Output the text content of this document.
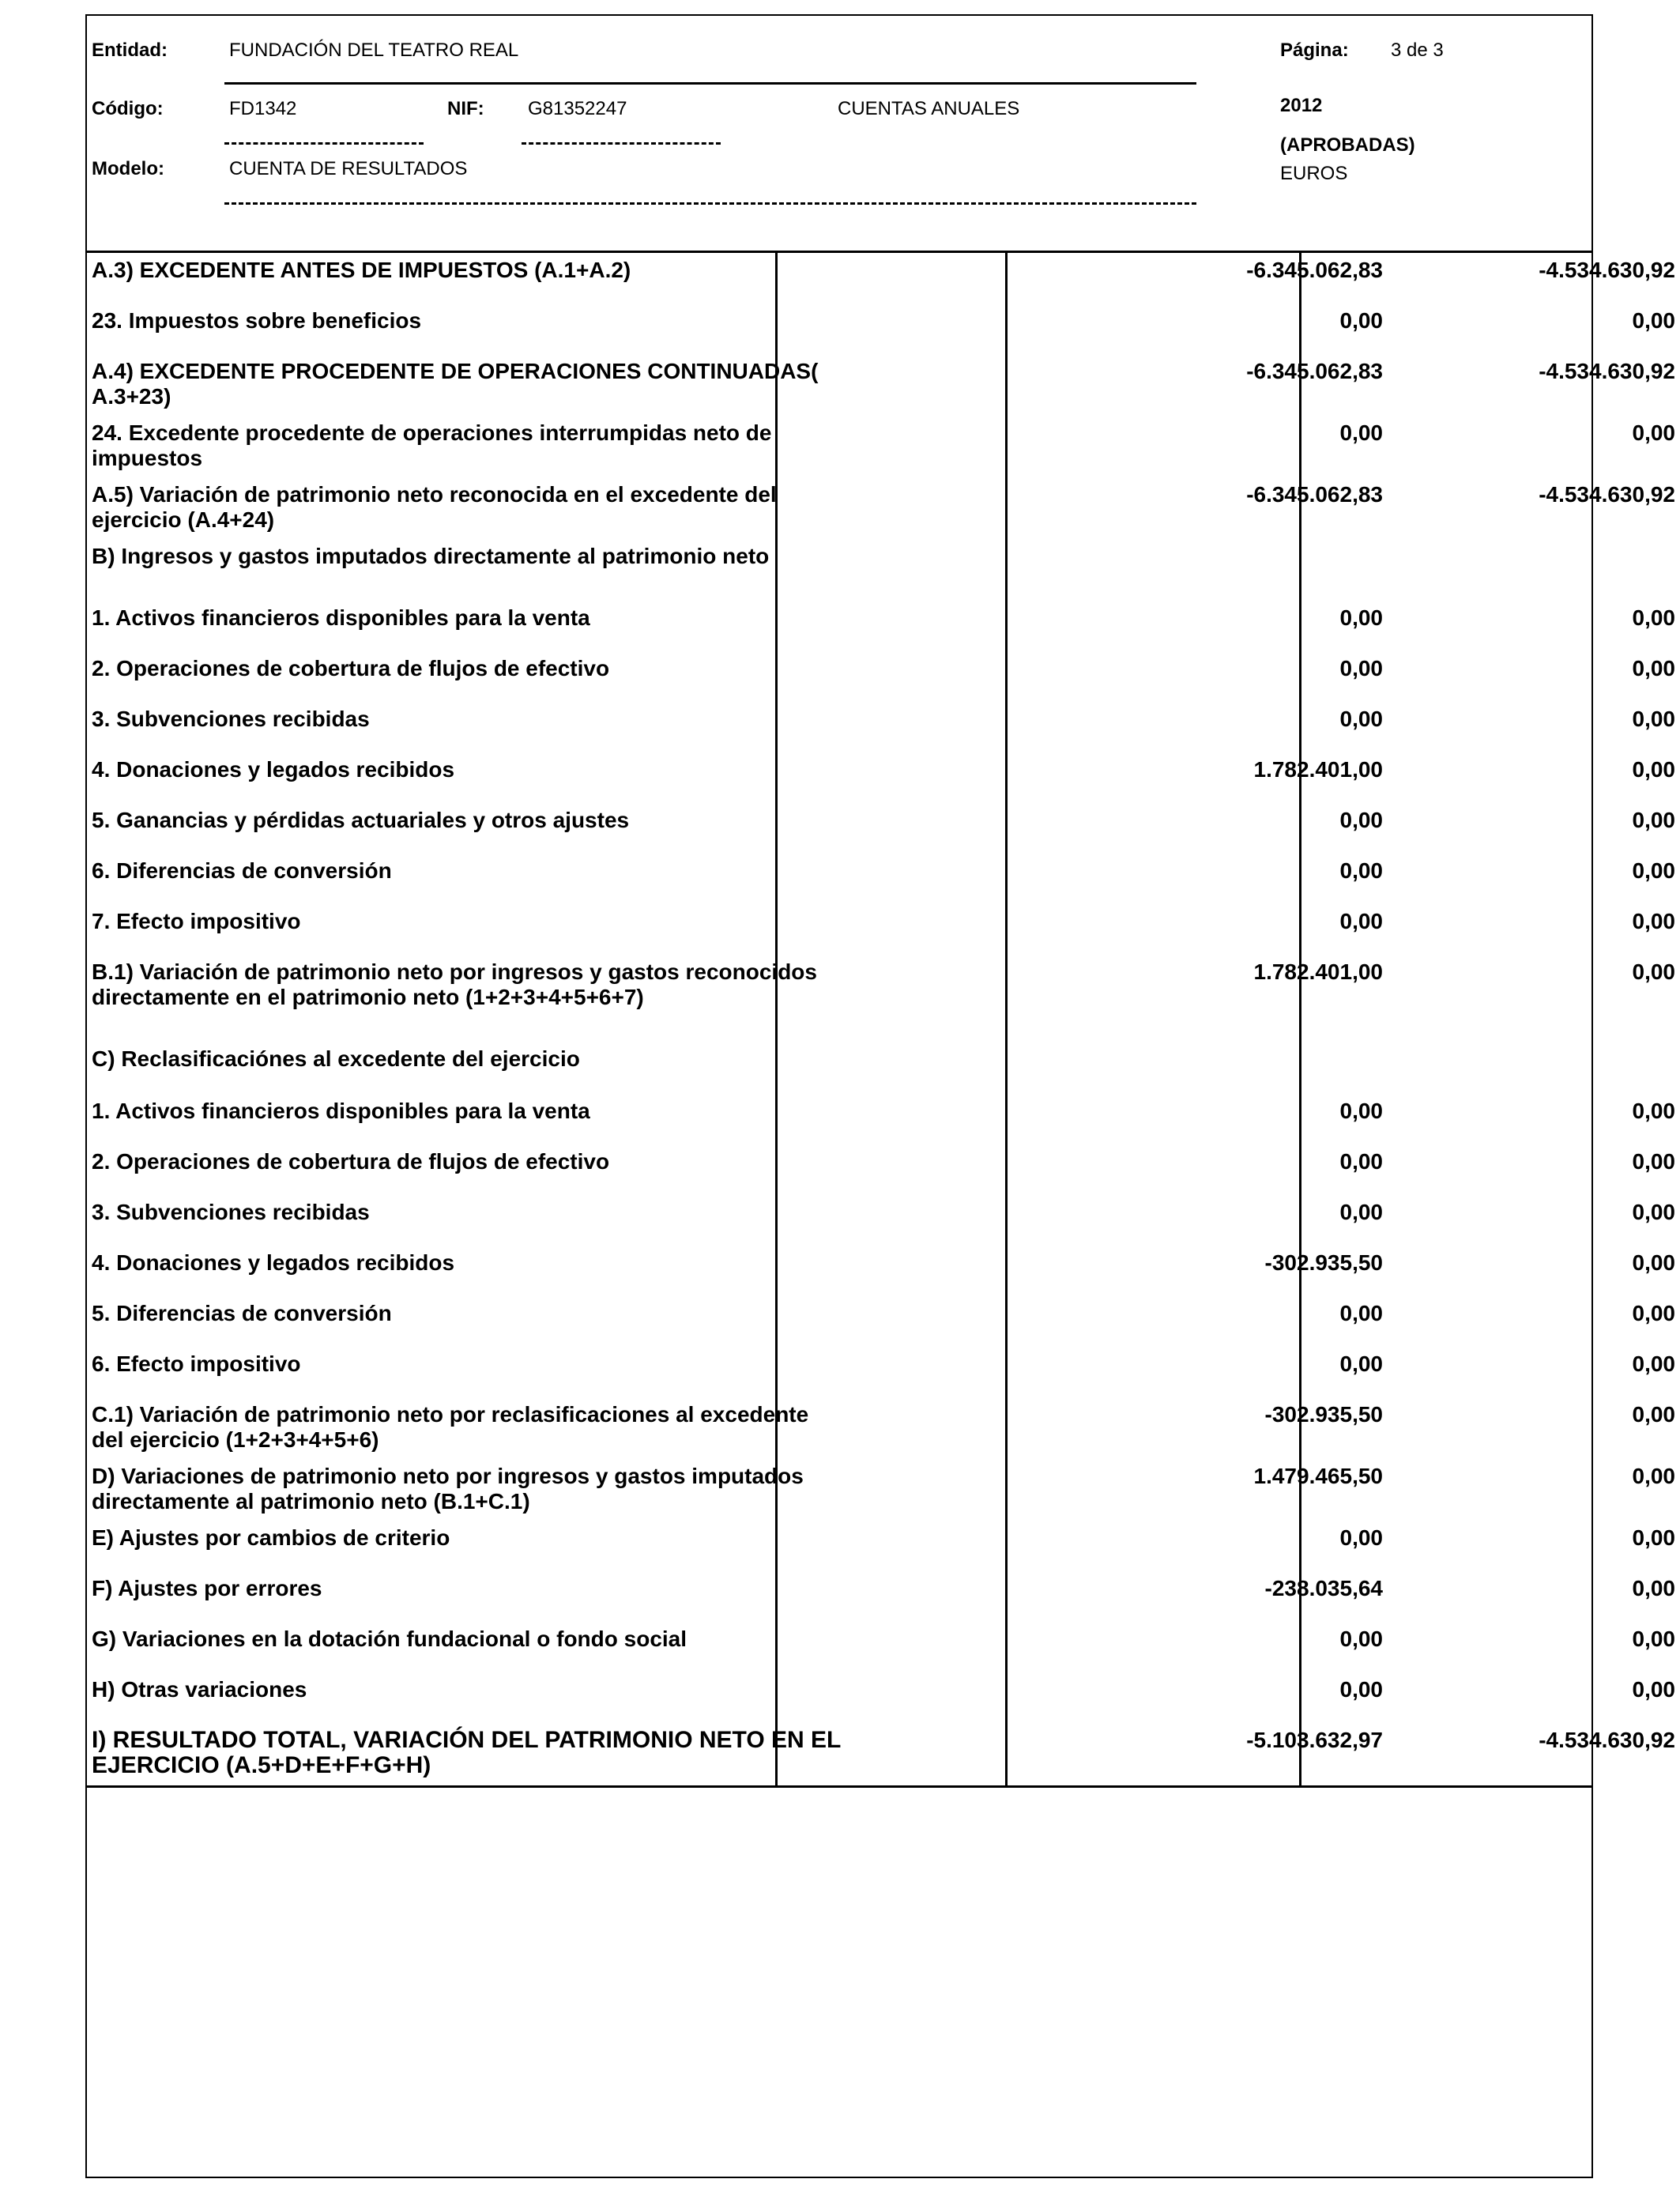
Entidad:	FUNDACIÓN DEL TEATRO REAL	Página: 3 de 3
Código:	FD1342	NIF: G81352247	CUENTAS ANUALES	2012
(APROBADAS)
Modelo:	CUENTA DE RESULTADOS	EUROS
A.3) EXCEDENTE ANTES DE IMPUESTOS (A.1+A.2)	-6.345.062,83	-4.534.630,92
23. Impuestos sobre beneficios	0,00	0,00
A.4) EXCEDENTE PROCEDENTE DE OPERACIONES CONTINUADAS( A.3+23)
-6.345.062,83	-4.534.630,92
24. Excedente procedente de operaciones interrumpidas neto de impuestos
0,00	0,00
A.5) Variación de patrimonio neto reconocida en el excedente del ejercicio (A.4+24)
-6.345.062,83	-4.534.630,92
B) Ingresos y gastos imputados directamente al patrimonio neto
1. Activos financieros disponibles para la venta	0,00	0,00
2. Operaciones de cobertura de flujos de efectivo	0,00	0,00
3. Subvenciones recibidas	0,00	0,00
4. Donaciones y legados recibidos	1.782.401,00	0,00
5. Ganancias y pérdidas actuariales y otros ajustes	0,00	0,00
6. Diferencias de conversión	0,00	0,00
7. Efecto impositivo	0,00	0,00
B.1) Variación de patrimonio neto por ingresos y gastos reconocidos directamente en el patrimonio neto (1+2+3+4+5+6+7)
1.782.401,00	0,00
C) Reclasificaciónes al excedente del ejercicio
1. Activos financieros disponibles para la venta	0,00	0,00
2. Operaciones de cobertura de flujos de efectivo	0,00	0,00
3. Subvenciones recibidas	0,00	0,00
4. Donaciones y legados recibidos	-302.935,50	0,00
5. Diferencias de conversión	0,00	0,00
6. Efecto impositivo	0,00	0,00
C.1) Variación de patrimonio neto por reclasificaciones al excedente del ejercicio (1+2+3+4+5+6)
-302.935,50	0,00
D) Variaciones de patrimonio neto por ingresos y gastos imputados directamente al patrimonio neto (B.1+C.1)
1.479.465,50	0,00
E) Ajustes por cambios de criterio	0,00	0,00
F) Ajustes por errores	-238.035,64	0,00
G) Variaciones en la dotación fundacional o fondo social	0,00	0,00
H) Otras variaciones	0,00	0,00
I) RESULTADO TOTAL, VARIACIÓN DEL PATRIMONIO NETO EN EL EJERCICIO (A.5+D+E+F+G+H)
-5.103.632,97	-4.534.630,92
